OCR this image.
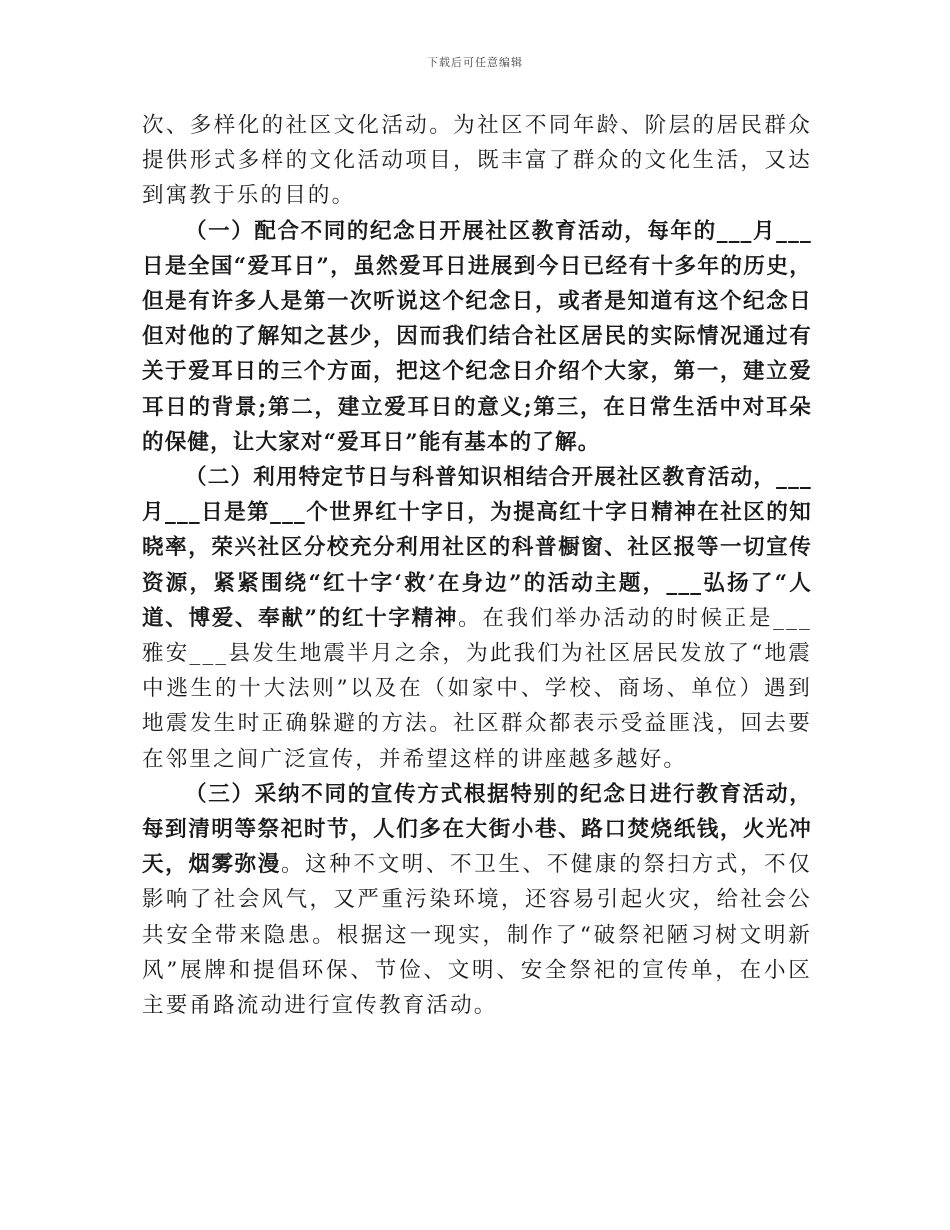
下载后可任意编辑

次、多样化的社区文化活动。为社区不同年龄、阶层的居民群众提供形式多样的文化活动项目，既丰富了群众的文化生活，又达到寓教于乐的目的。

（一）配合不同的纪念日开展社区教育活动，每年的___月___日是全国“爱耳日”，虽然爱耳日进展到今日已经有十多年的历史，但是有许多人是第一次听说这个纪念日，或者是知道有这个纪念日但对他的了解知之甚少，因而我们结合社区居民的实际情况通过有关于爱耳日的三个方面，把这个纪念日介绍个大家，第一，建立爱耳日的背景;第二，建立爱耳日的意义;第三，在日常生活中对耳朵的保健，让大家对“爱耳日”能有基本的了解。

（二）利用特定节日与科普知识相结合开展社区教育活动，___月___日是第___个世界红十字日，为提高红十字日精神在社区的知晓率，荣兴社区分校充分利用社区的科普橱窗、社区报等一切宣传资源，紧紧围绕“红十字‘救’在身边”的活动主题，___弘扬了“人道、博爱、奉献”的红十字精神。在我们举办活动的时候正是___雅安___县发生地震半月之余，为此我们为社区居民发放了“地震中逃生的十大法则”以及在（如家中、学校、商场、单位）遇到地震发生时正确躲避的方法。社区群众都表示受益匪浅，回去要在邻里之间广泛宣传，并希望这样的讲座越多越好。

（三）采纳不同的宣传方式根据特别的纪念日进行教育活动，每到清明等祭祀时节，人们多在大街小巷、路口焚烧纸钱，火光冲天，烟雾弥漫。这种不文明、不卫生、不健康的祭扫方式，不仅影响了社会风气，又严重污染环境，还容易引起火灾，给社会公共安全带来隐患。根据这一现实，制作了“破祭祀陋习树文明新风”展牌和提倡环保、节俭、文明、安全祭祀的宣传单，在小区主要甬路流动进行宣传教育活动。
